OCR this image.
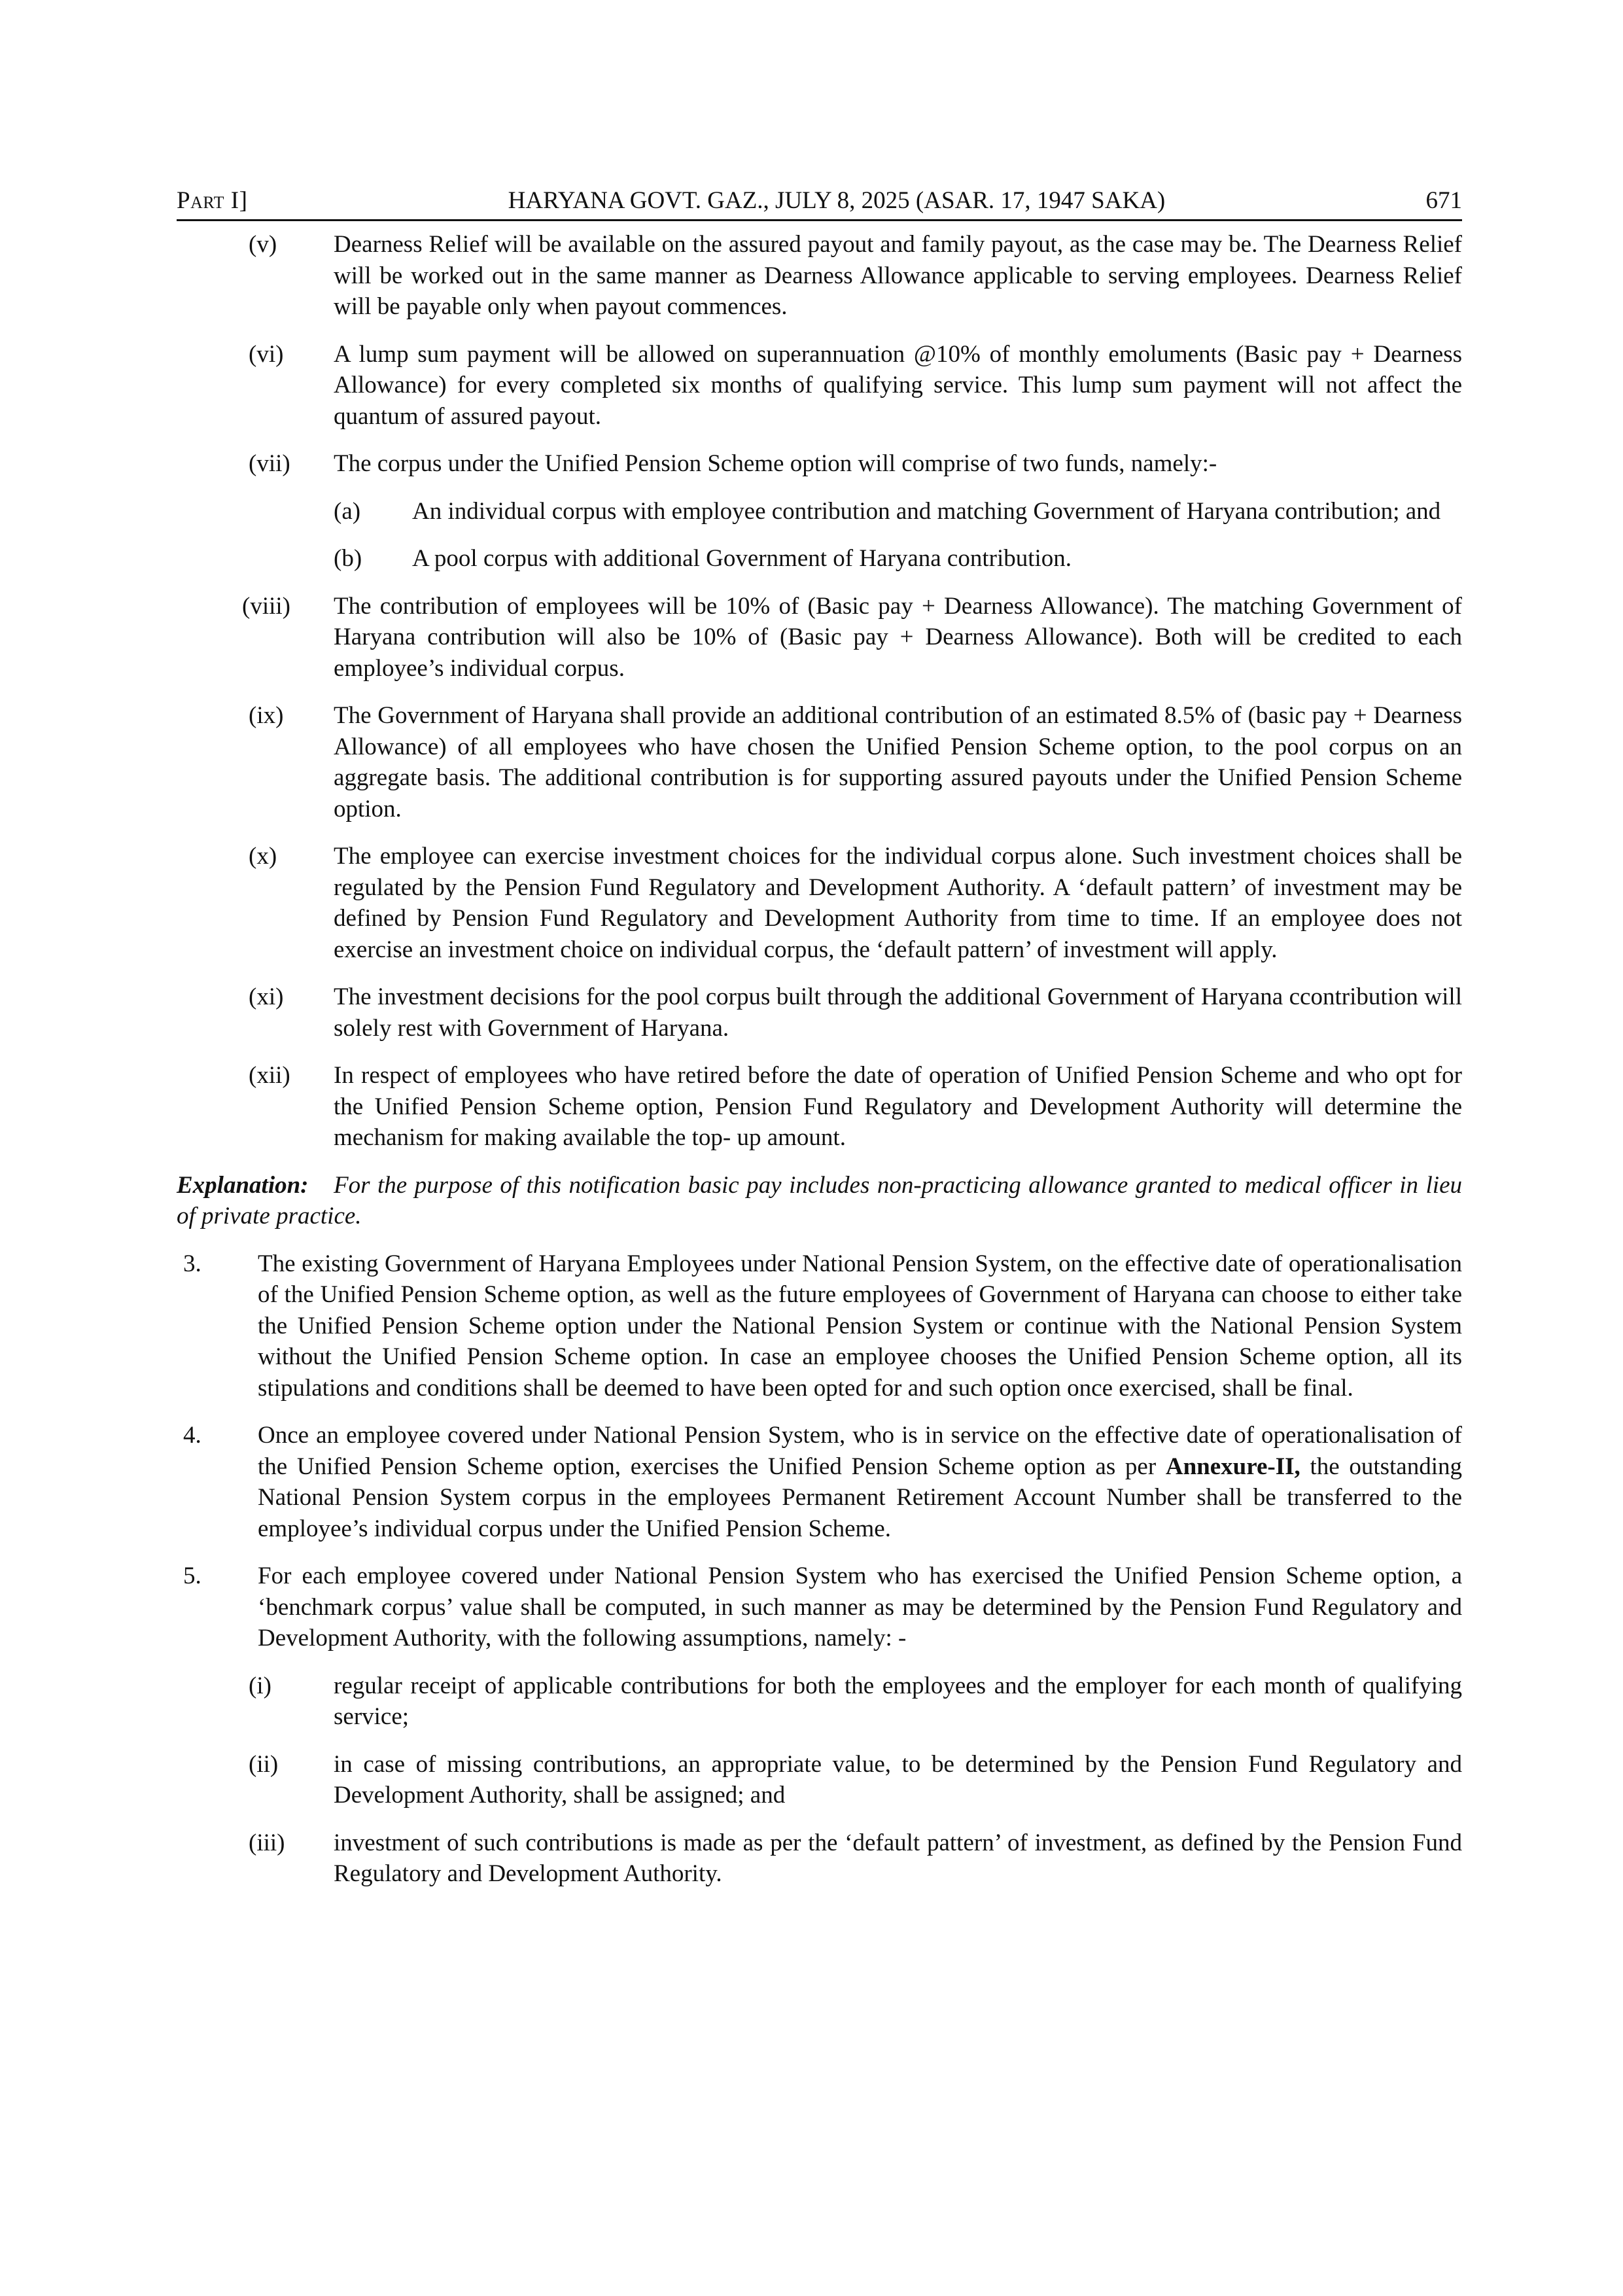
Part I]	HARYANA GOVT. GAZ., JULY 8, 2025 (ASAR. 17, 1947 SAKA)	671
(v)	Dearness Relief will be available on the assured payout and family payout, as the case may be. The Dearness Relief will be worked out in the same manner as Dearness Allowance applicable to serving employees. Dearness Relief will be payable only when payout commences.
(vi)	A lump sum payment will be allowed on superannuation @10% of monthly emoluments (Basic pay + Dearness Allowance) for every completed six months of qualifying service. This lump sum payment will not affect the quantum of assured payout.
(vii)	The corpus under the Unified Pension Scheme option will comprise of two funds, namely:-
(a)	An individual corpus with employee contribution and matching Government of Haryana contribution; and
(b)	A pool corpus with additional Government of Haryana contribution.
(viii)	The contribution of employees will be 10% of (Basic pay + Dearness Allowance). The matching Government of Haryana contribution will also be 10% of (Basic pay + Dearness Allowance). Both will be credited to each employee’s individual corpus.
(ix)	The Government of Haryana shall provide an additional contribution of an estimated 8.5% of (basic pay + Dearness Allowance) of all employees who have chosen the Unified Pension Scheme option, to the pool corpus on an aggregate basis. The additional contribution is for supporting assured payouts under the Unified Pension Scheme option.
(x)	The employee can exercise investment choices for the individual corpus alone. Such investment choices shall be regulated by the Pension Fund Regulatory and Development Authority. A ‘default pattern’ of investment may be defined by Pension Fund Regulatory and Development Authority from time to time. If an employee does not exercise an investment choice on individual corpus, the ‘default pattern’ of investment will apply.
(xi)	The investment decisions for the pool corpus built through the additional Government of Haryana ccontribution will solely rest with Government of Haryana.
(xii)	In respect of employees who have retired before the date of operation of Unified Pension Scheme and who opt for the Unified Pension Scheme option, Pension Fund Regulatory and Development Authority will determine the mechanism for making available the top- up amount.
Explanation:	For the purpose of this notification basic pay includes non-practicing allowance granted to medical officer in lieu of private practice.
3. The existing Government of Haryana Employees under National Pension System, on the effective date of operationalisation of the Unified Pension Scheme option, as well as the future employees of Government of Haryana can choose to either take the Unified Pension Scheme option under the National Pension System or continue with the National Pension System without the Unified Pension Scheme option. In case an employee chooses the Unified Pension Scheme option, all its stipulations and conditions shall be deemed to have been opted for and such option once exercised, shall be final.
4. Once an employee covered under National Pension System, who is in service on the effective date of operationalisation of the Unified Pension Scheme option, exercises the Unified Pension Scheme option as per Annexure-II, the outstanding National Pension System corpus in the employees Permanent Retirement Account Number shall be transferred to the employee’s individual corpus under the Unified Pension Scheme.
5. For each employee covered under National Pension System who has exercised the Unified Pension Scheme option, a ‘benchmark corpus’ value shall be computed, in such manner as may be determined by the Pension Fund Regulatory and Development Authority, with the following assumptions, namely: -
(i)	regular receipt of applicable contributions for both the employees and the employer for each month of qualifying service;
(ii)	in case of missing contributions, an appropriate value, to be determined by the Pension Fund Regulatory and Development Authority, shall be assigned; and
(iii)	investment of such contributions is made as per the ‘default pattern’ of investment, as defined by the Pension Fund Regulatory and Development Authority.
